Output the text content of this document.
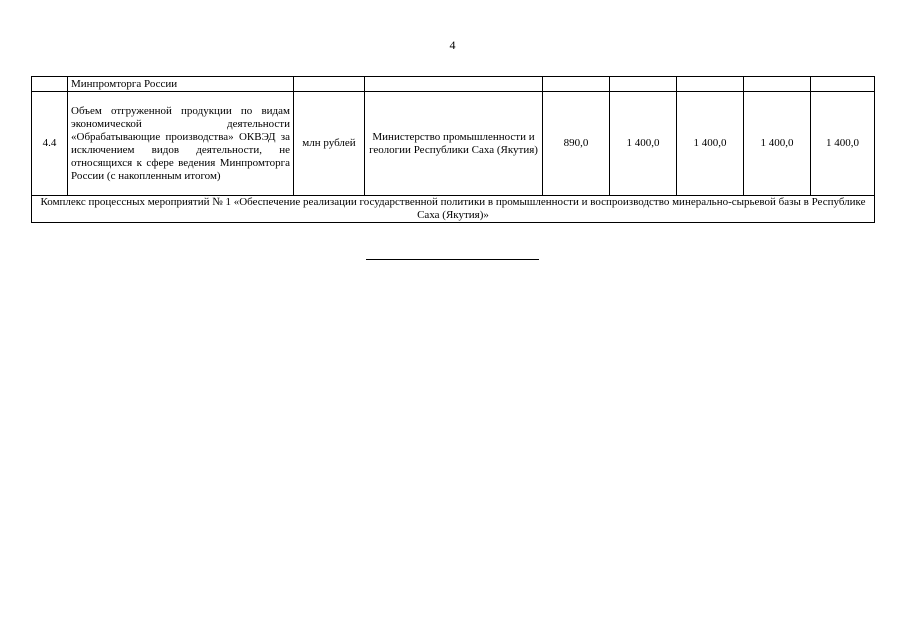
4
	Минпромторга России							
4.4	Объем отгруженной продукции по видам экономической деятельности «Обрабатывающие производства» ОКВЭД за исключением видов деятельности, не относящихся к сфере ведения Минпромторга России (с накопленным итогом)	млн рублей	Министерство промышленности и геологии Республики Саха (Якутия)	890,0	1 400,0	1 400,0	1 400,0	1 400,0
Комплекс процессных мероприятий № 1 «Обеспечение реализации государственной политики в промышленности и воспроизводство минерально-сырьевой базы в Республике Саха (Якутия)»								
